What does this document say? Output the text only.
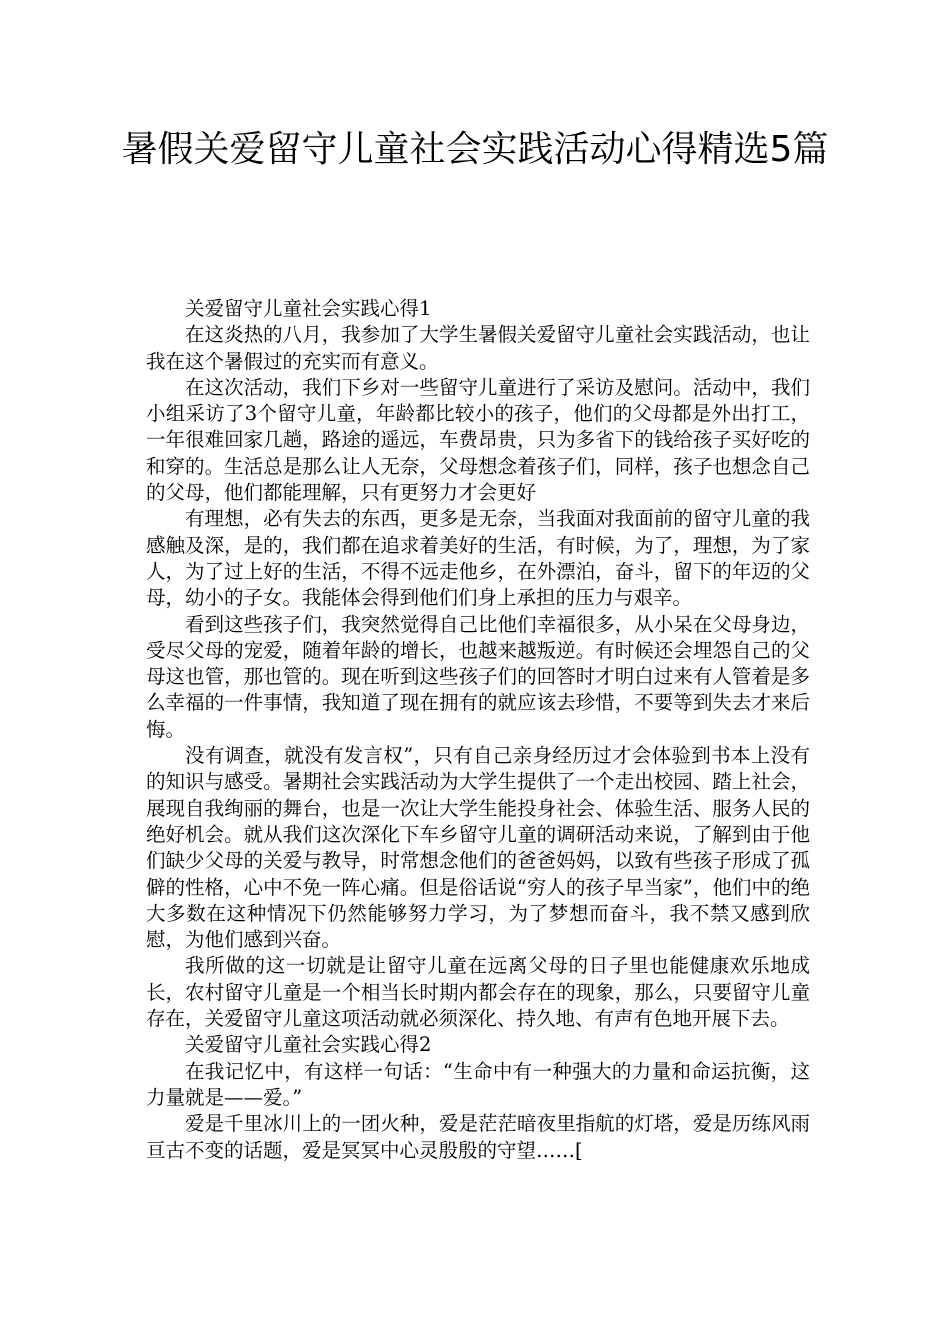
暑假关爱留守儿童社会实践活动心得精选5篇

关爱留守儿童社会实践心得1

在这炎热的八月，我参加了大学生暑假关爱留守儿童社会实践活动，也让我在这个暑假过的充实而有意义。

在这次活动，我们下乡对一些留守儿童进行了采访及慰问。活动中，我们小组采访了3个留守儿童，年龄都比较小的孩子，他们的父母都是外出打工，一年很难回家几趟，路途的遥远，车费昂贵，只为多省下的钱给孩子买好吃的和穿的。生活总是那么让人无奈，父母想念着孩子们，同样，孩子也想念自己的父母，他们都能理解，只有更努力才会更好

有理想，必有失去的东西，更多是无奈，当我面对我面前的留守儿童的我感触及深，是的，我们都在追求着美好的生活，有时候，为了，理想，为了家人，为了过上好的生活，不得不远走他乡，在外漂泊，奋斗，留下的年迈的父母，幼小的子女。我能体会得到他们们身上承担的压力与艰辛。

看到这些孩子们，我突然觉得自己比他们幸福很多，从小呆在父母身边，受尽父母的宠爱，随着年龄的增长，也越来越叛逆。有时候还会埋怨自己的父母这也管，那也管的。现在听到这些孩子们的回答时才明白过来有人管着是多么幸福的一件事情，我知道了现在拥有的就应该去珍惜，不要等到失去才来后悔。

没有调查，就没有发言权”，只有自己亲身经历过才会体验到书本上没有的知识与感受。暑期社会实践活动为大学生提供了一个走出校园、踏上社会，展现自我绚丽的舞台，也是一次让大学生能投身社会、体验生活、服务人民的绝好机会。就从我们这次深化下车乡留守儿童的调研活动来说，了解到由于他们缺少父母的关爱与教导，时常想念他们的爸爸妈妈，以致有些孩子形成了孤僻的性格，心中不免一阵心痛。但是俗话说“穷人的孩子早当家”，他们中的绝大多数在这种情况下仍然能够努力学习，为了梦想而奋斗，我不禁又感到欣慰，为他们感到兴奋。

我所做的这一切就是让留守儿童在远离父母的日子里也能健康欢乐地成长，农村留守儿童是一个相当长时期内都会存在的现象，那么，只要留守儿童存在，关爱留守儿童这项活动就必须深化、持久地、有声有色地开展下去。

关爱留守儿童社会实践心得2

在我记忆中，有这样一句话：“生命中有一种强大的力量和命运抗衡，这力量就是——爱。”

爱是千里冰川上的一团火种，爱是茫茫暗夜里指航的灯塔，爱是历练风雨亘古不变的话题，爱是冥冥中心灵殷殷的守望……[
